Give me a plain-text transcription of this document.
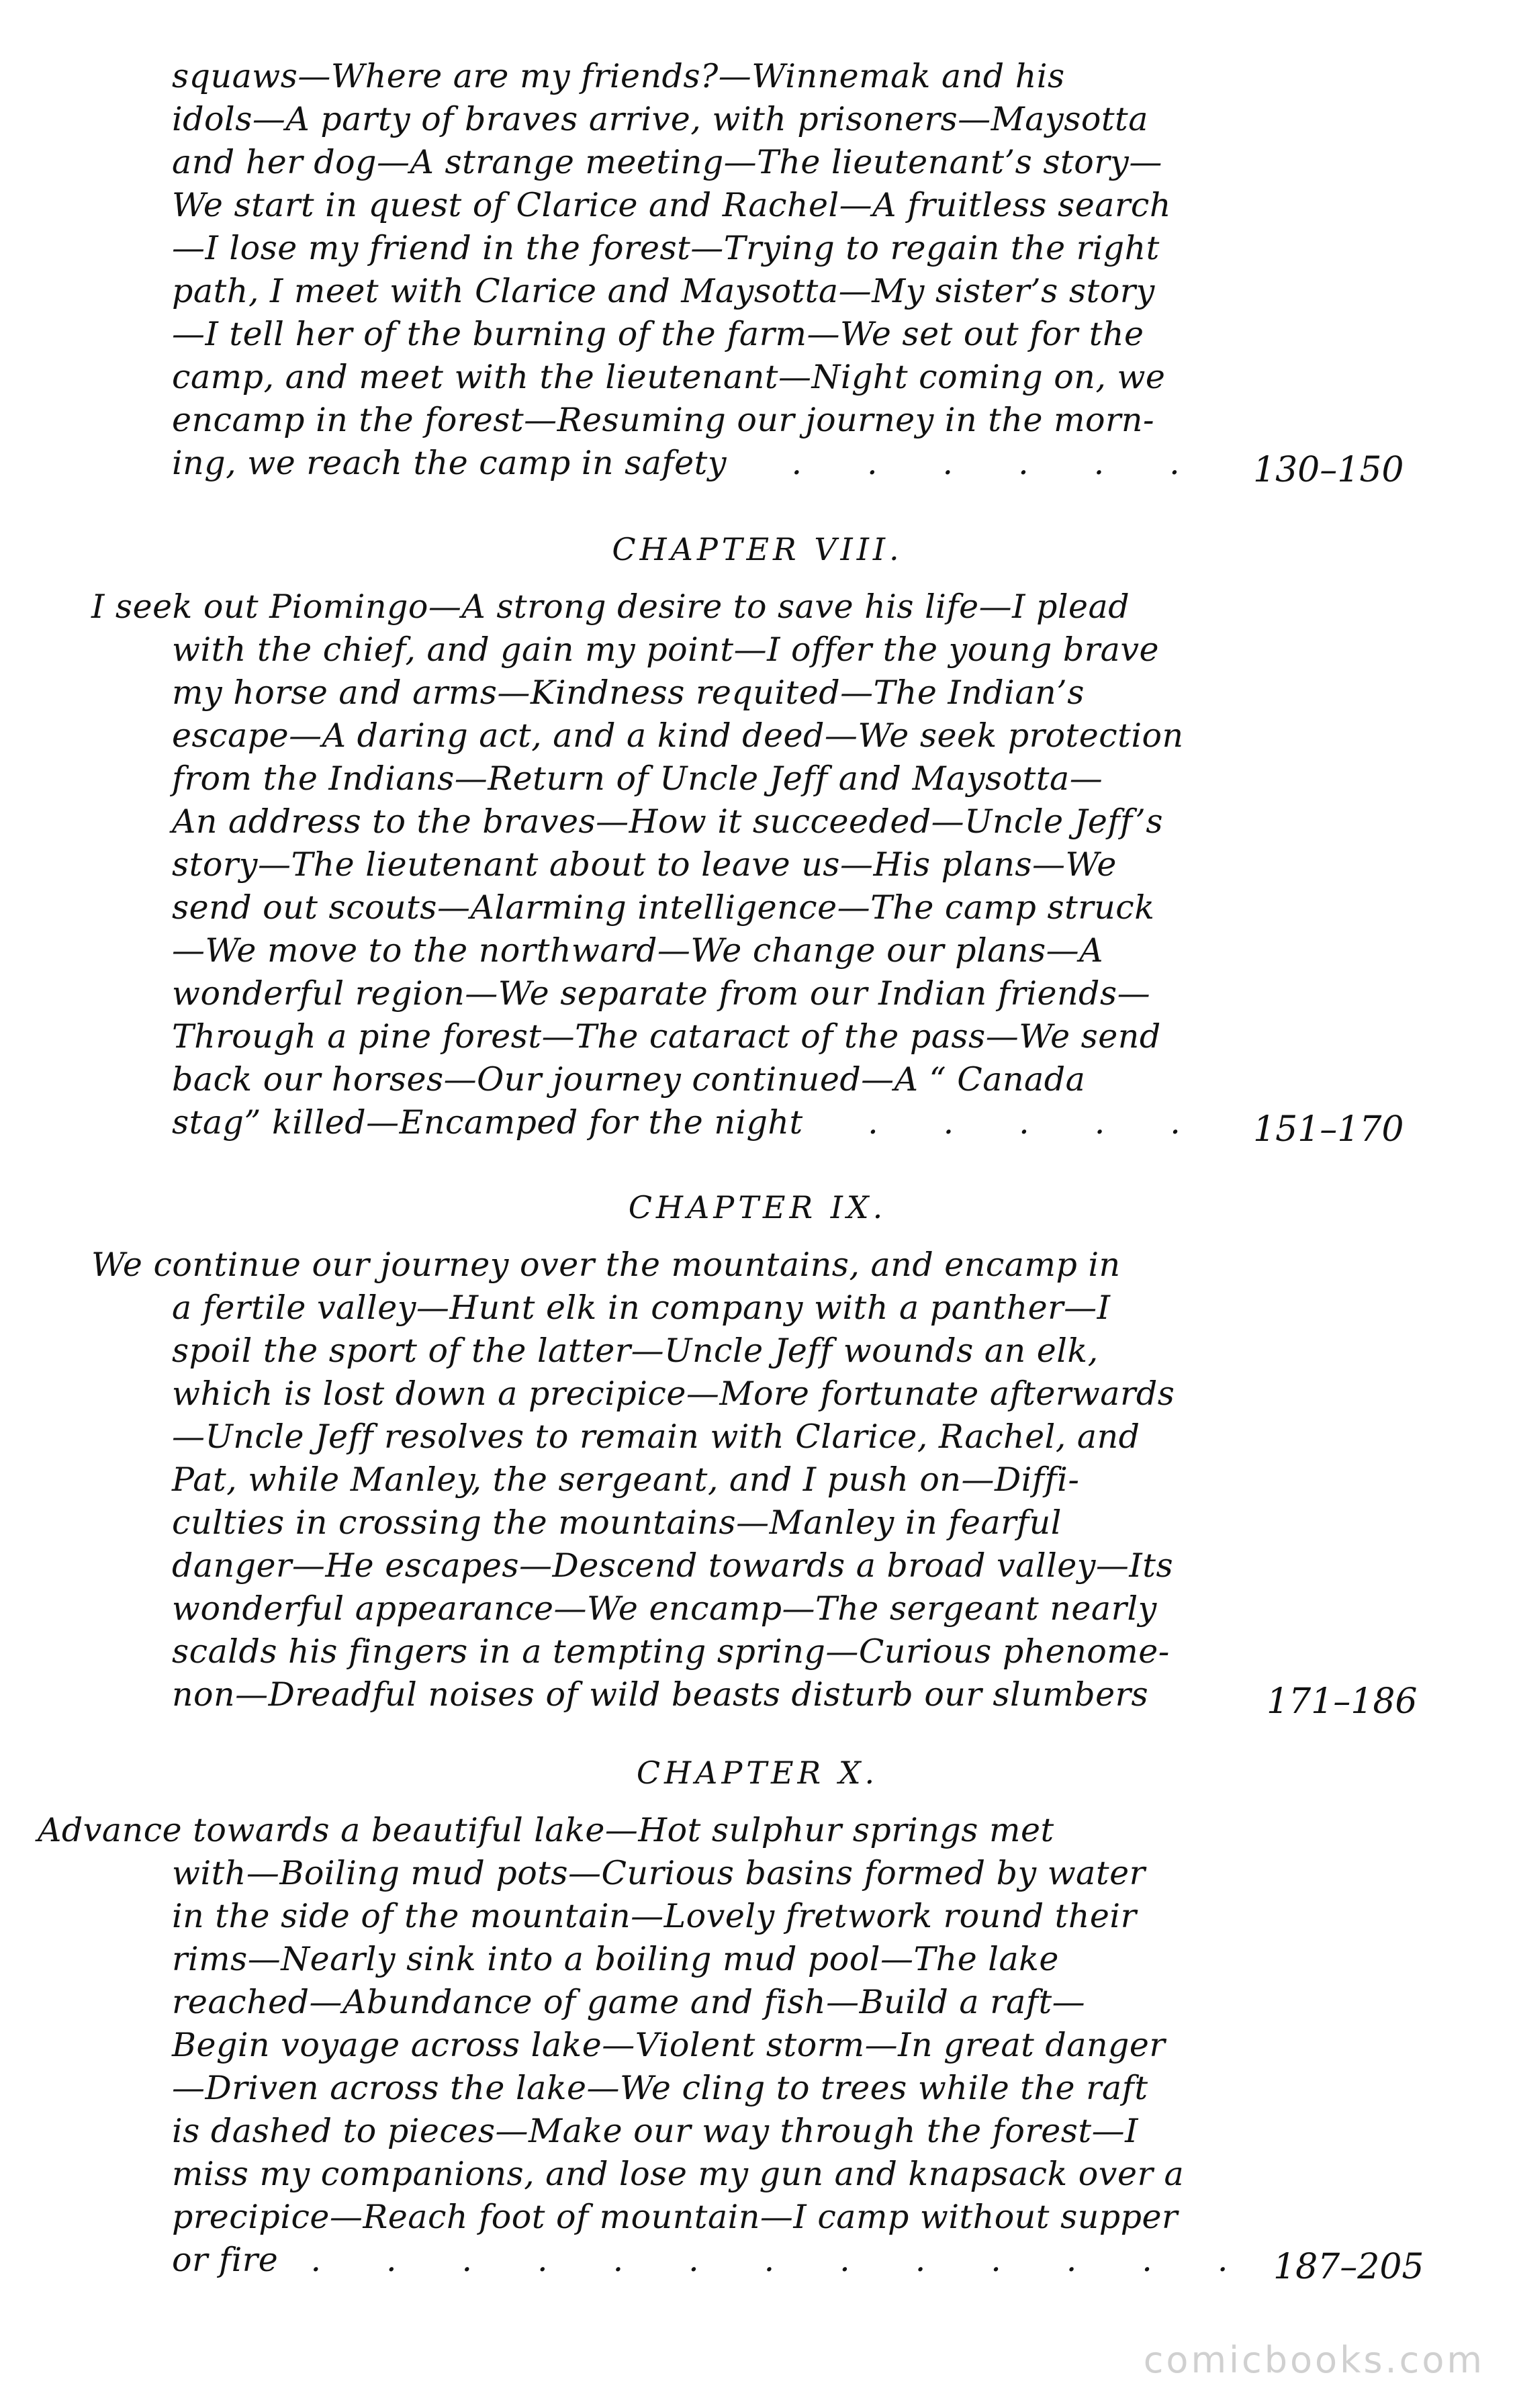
squaws—Where are my friends?—Winnemak and his
idols—A party of braves arrive, with prisoners—Maysotta
and her dog—A strange meeting—The lieutenant’s story—
We start in quest of Clarice and Rachel—A fruitless search
—I lose my friend in the forest—Trying to regain the right
path, I meet with Clarice and Maysotta—My sister’s story
—I tell her of the burning of the farm—We set out for the
camp, and meet with the lieutenant—Night coming on, we
encamp in the forest—Resuming our journey in the morn-
ing, we reach the camp in safety      .      .      .      .      .      . 130–150
CHAPTER VIII.
I seek out Piomingo—A strong desire to save his life—I plead
with the chief, and gain my point—I offer the young brave
my horse and arms—Kindness requited—The Indian’s
escape—A daring act, and a kind deed—We seek protection
from the Indians—Return of Uncle Jeff and Maysotta—
An address to the braves—How it succeeded—Uncle Jeff’s
story—The lieutenant about to leave us—His plans—We
send out scouts—Alarming intelligence—The camp struck
—We move to the northward—We change our plans—A
wonderful region—We separate from our Indian friends—
Through a pine forest—The cataract of the pass—We send
back our horses—Our journey continued—A “ Canada
stag” killed—Encamped for the night      .      .      .      .      . 151–170
CHAPTER IX.
We continue our journey over the mountains, and encamp in
a fertile valley—Hunt elk in company with a panther—I
spoil the sport of the latter—Uncle Jeff wounds an elk,
which is lost down a precipice—More fortunate afterwards
—Uncle Jeff resolves to remain with Clarice, Rachel, and
Pat, while Manley, the sergeant, and I push on—Diffi-
culties in crossing the mountains—Manley in fearful
danger—He escapes—Descend towards a broad valley—Its
wonderful appearance—We encamp—The sergeant nearly
scalds his fingers in a tempting spring—Curious phenome-
non—Dreadful noises of wild beasts disturb our slumbers	171–186
CHAPTER X.
Advance towards a beautiful lake—Hot sulphur springs met
with—Boiling mud pots—Curious basins formed by water
in the side of the mountain—Lovely fretwork round their
rims—Nearly sink into a boiling mud pool—The lake
reached—Abundance of game and fish—Build a raft—
Begin voyage across lake—Violent storm—In great danger
—Driven across the lake—We cling to trees while the raft
is dashed to pieces—Make our way through the forest—I
miss my companions, and lose my gun and knapsack over a
precipice—Reach foot of mountain—I camp without supper
or fire   .      .      .      .      .      .      .      .      .      .      .      .      . 187–205
comicbooks.com
